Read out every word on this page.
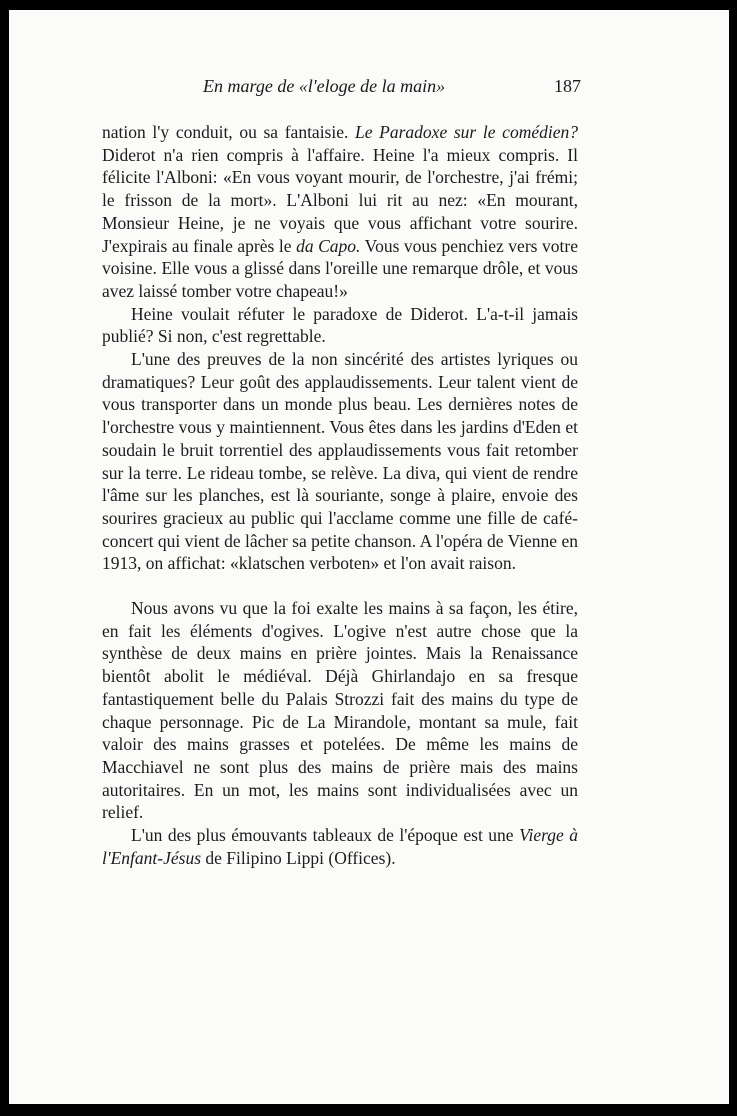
En marge de «l'eloge de la main»	187

nation l'y conduit, ou sa fantaisie. Le Paradoxe sur le comédien? Diderot n'a rien compris à l'affaire. Heine l'a mieux compris. Il félicite l'Alboni: «En vous voyant mourir, de l'orchestre, j'ai frémi; le frisson de la mort». L'Alboni lui rit au nez: «En mourant, Monsieur Heine, je ne voyais que vous affichant votre sourire. J'expirais au finale après le da Capo. Vous vous penchiez vers votre voisine. Elle vous a glissé dans l'oreille une remarque drôle, et vous avez laissé tomber votre chapeau!»

Heine voulait réfuter le paradoxe de Diderot. L'a-t-il jamais publié? Si non, c'est regrettable.

L'une des preuves de la non sincérité des artistes lyriques ou dramatiques? Leur goût des applaudissements. Leur talent vient de vous transporter dans un monde plus beau. Les dernières notes de l'orchestre vous y maintiennent. Vous êtes dans les jardins d'Eden et soudain le bruit torrentiel des applaudissements vous fait retomber sur la terre. Le rideau tombe, se relève. La diva, qui vient de rendre l'âme sur les planches, est là souriante, songe à plaire, envoie des sourires gracieux au public qui l'acclame comme une fille de café-concert qui vient de lâcher sa petite chanson. A l'opéra de Vienne en 1913, on affichat: «klatschen verboten» et l'on avait raison.

Nous avons vu que la foi exalte les mains à sa façon, les étire, en fait les éléments d'ogives. L'ogive n'est autre chose que la synthèse de deux mains en prière jointes. Mais la Renaissance bientôt abolit le médiéval. Déjà Ghirlandajo en sa fresque fantastiquement belle du Palais Strozzi fait des mains du type de chaque personnage. Pic de La Mirandole, montant sa mule, fait valoir des mains grasses et potelées. De même les mains de Macchiavel ne sont plus des mains de prière mais des mains autoritaires. En un mot, les mains sont individualisées avec un relief.

L'un des plus émouvants tableaux de l'époque est une Vierge à l'Enfant-Jésus de Filipino Lippi (Offices).
